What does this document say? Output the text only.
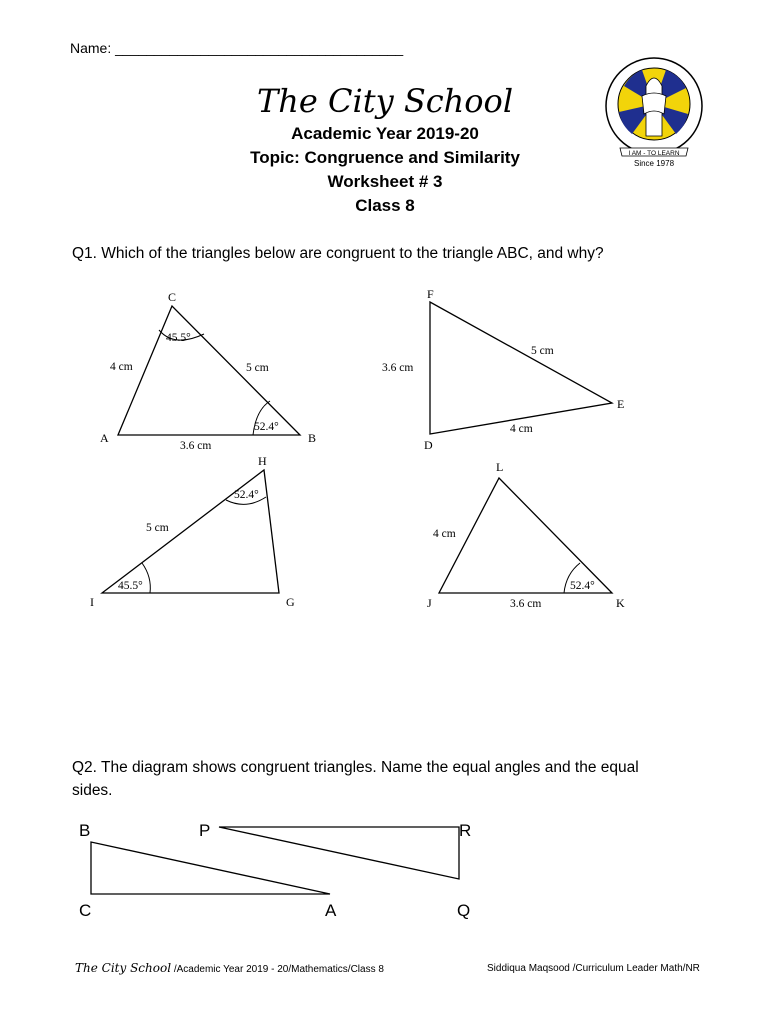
Name: _____________________________________
The City School
Academic Year 2019-20
Topic: Congruence and Similarity
Worksheet # 3
Class 8
I AM - TO LEARN
Since 1978
Q1. Which of the triangles below are congruent to the triangle ABC, and why?
C
A	B
45.5°
52.4°
4 cm	5 cm
3.6 cm
F
D
E
3.6 cm
5 cm
4 cm
H
I	G
52.4°
45.5°
5 cm
L
J	K
52.4°
4 cm
3.6 cm
Q2. The diagram shows congruent triangles. Name the equal angles and the equal
sides.
B
C	A
P	R
Q
The City School /Academic Year 2019 - 20/Mathematics/Class 8	Siddiqua Maqsood /Curriculum Leader Math/NR
